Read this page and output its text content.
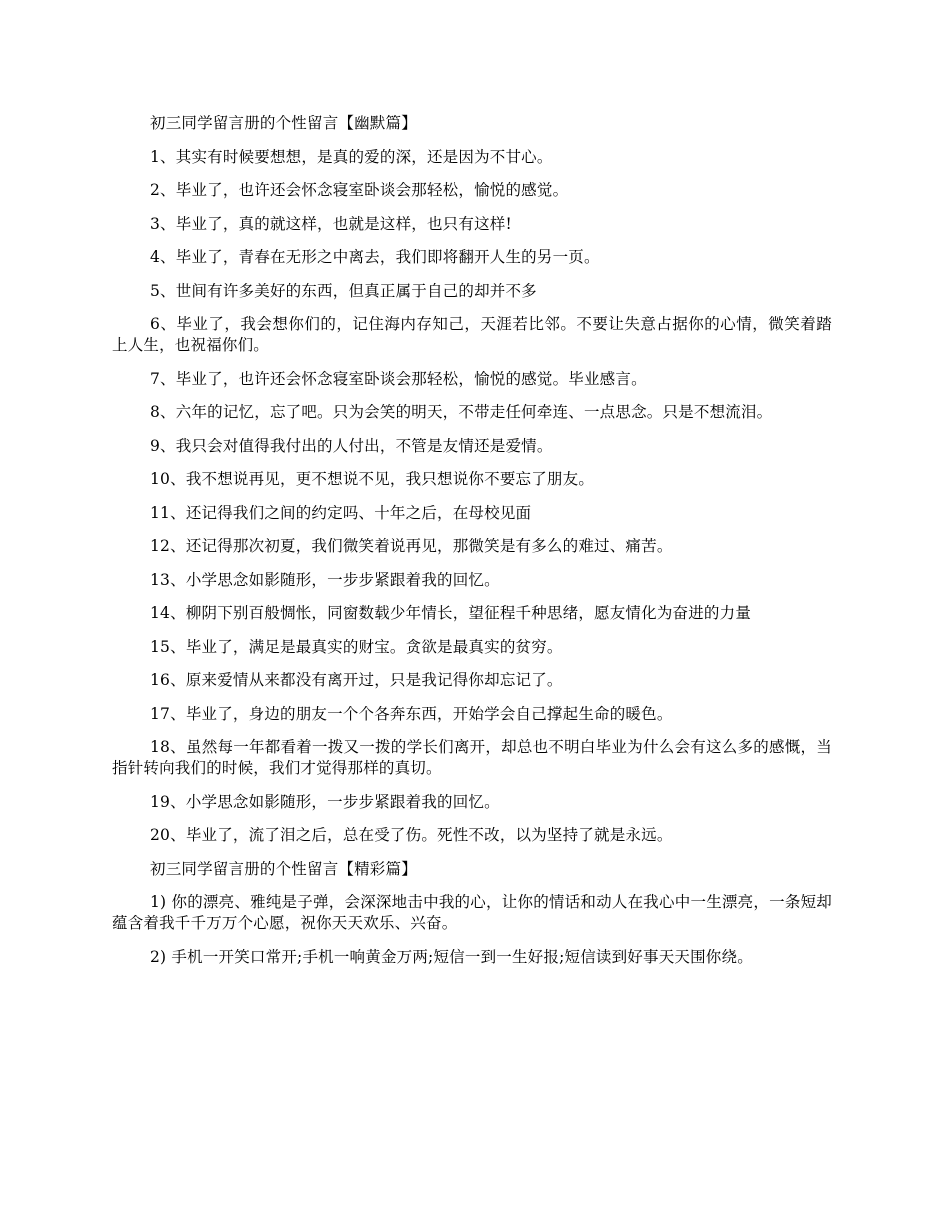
初三同学留言册的个性留言【幽默篇】

1、其实有时候要想想，是真的爱的深，还是因为不甘心。

2、毕业了，也许还会怀念寝室卧谈会那轻松，愉悦的感觉。

3、毕业了，真的就这样，也就是这样，也只有这样!

4、毕业了，青春在无形之中离去，我们即将翻开人生的另一页。

5、世间有许多美好的东西，但真正属于自己的却并不多

6、毕业了，我会想你们的，记住海内存知己，天涯若比邻。不要让失意占据你的心情，微笑着踏上人生，也祝福你们。

7、毕业了，也许还会怀念寝室卧谈会那轻松，愉悦的感觉。毕业感言。

8、六年的记忆，忘了吧。只为会笑的明天，不带走任何牵连、一点思念。只是不想流泪。

9、我只会对值得我付出的人付出，不管是友情还是爱情。

10、我不想说再见，更不想说不见，我只想说你不要忘了朋友。

11、还记得我们之间的约定吗、十年之后，在母校见面

12、还记得那次初夏，我们微笑着说再见，那微笑是有多么的难过、痛苦。

13、小学思念如影随形，一步步紧跟着我的回忆。

14、柳阴下别百般惆怅，同窗数载少年情长，望征程千种思绪，愿友情化为奋进的力量

15、毕业了，满足是最真实的财宝。贪欲是最真实的贫穷。

16、原来爱情从来都没有离开过，只是我记得你却忘记了。

17、毕业了，身边的朋友一个个各奔东西，开始学会自己撑起生命的暖色。

18、虽然每一年都看着一拨又一拨的学长们离开，却总也不明白毕业为什么会有这么多的感慨，当指针转向我们的时候，我们才觉得那样的真切。

19、小学思念如影随形，一步步紧跟着我的回忆。

20、毕业了，流了泪之后，总在受了伤。死性不改，以为坚持了就是永远。

初三同学留言册的个性留言【精彩篇】

1) 你的漂亮、雅纯是子弹，会深深地击中我的心，让你的情话和动人在我心中一生漂亮，一条短却蕴含着我千千万万个心愿，祝你天天欢乐、兴奋。

2) 手机一开笑口常开;手机一响黄金万两;短信一到一生好报;短信读到好事天天围你绕。
